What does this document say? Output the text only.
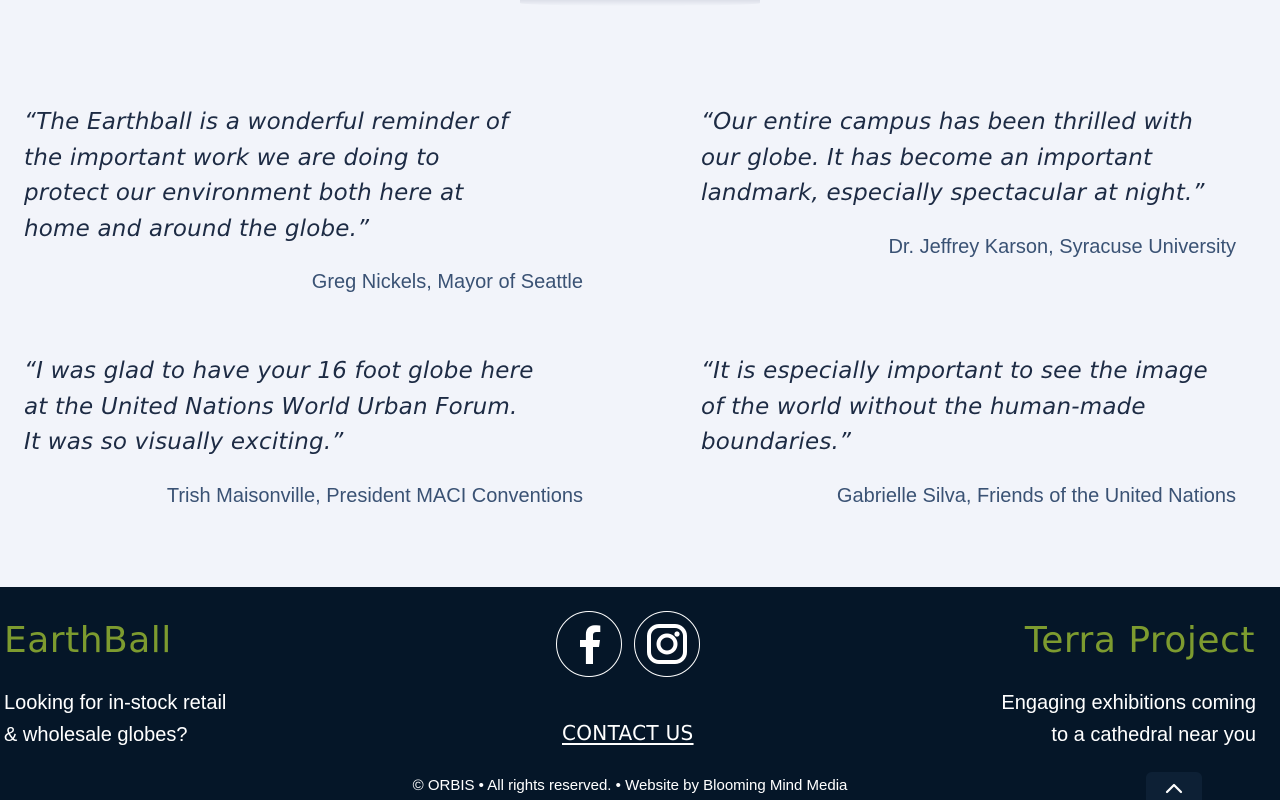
“The Earthball is a wonderful reminder of
the important work we are doing to
protect our environment both here at
home and around the globe.”

Greg Nickels, Mayor of Seattle

“Our entire campus has been thrilled with
our globe. It has become an important
landmark, especially spectacular at night.”

Dr. Jeffrey Karson, Syracuse University

“I was glad to have your 16 foot globe here
at the United Nations World Urban Forum.
It was so visually exciting.”

Trish Maisonville, President MACI Conventions

“It is especially important to see the image
of the world without the human-made
boundaries.”

Gabrielle Silva, Friends of the United Nations

EarthBall

Looking for in-stock retail
& wholesale globes?	CONTACT US
Terra Project

Engaging exhibitions coming
to a cathedral near you

© ORBIS • All rights reserved. • Website by Blooming Mind Media
